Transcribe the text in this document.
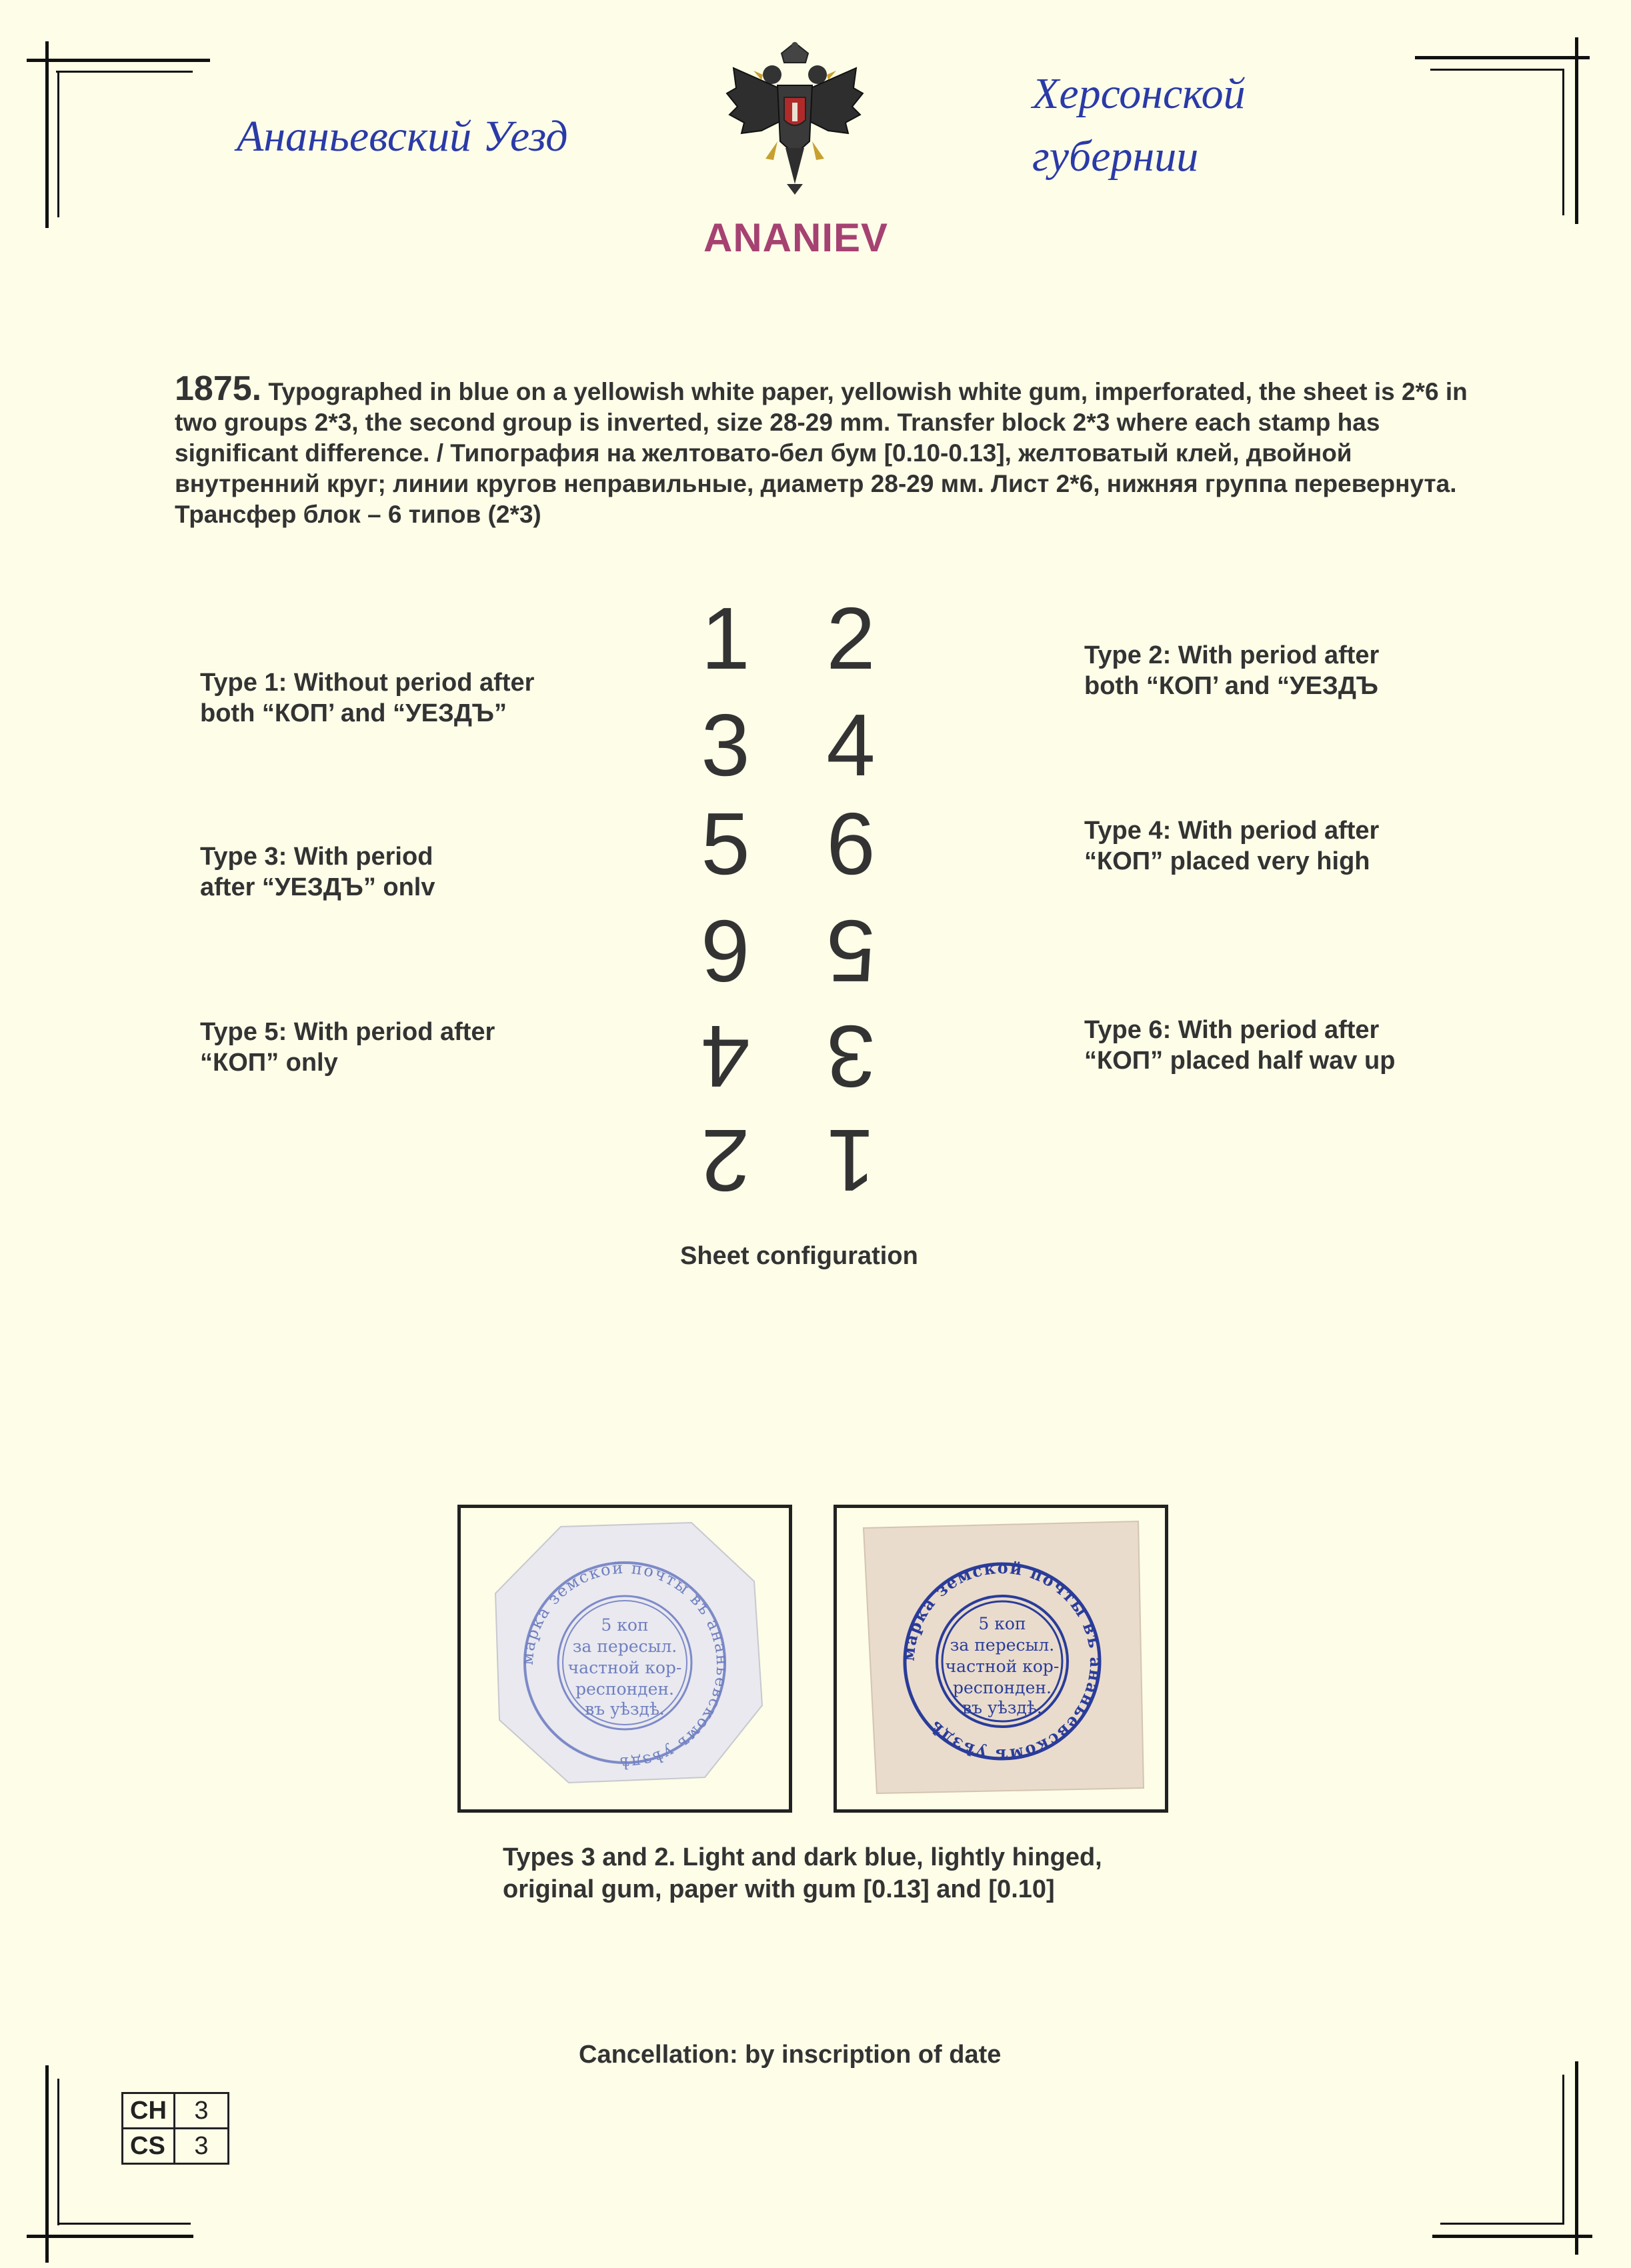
Ананьевский Уезд
Херсонской
губернии
ANANIEV
1875. Typographed in blue on a yellowish white paper, yellowish white gum, imperforated, the sheet is 2*6 in two groups 2*3, the second group is inverted, size 28-29 mm. Transfer block 2*3 where each stamp has significant difference. / Типография на желтовато-бел бум [0.10-0.13], желтоватый клей, двойной внутренний круг; линии кругов неправильные, диаметр 28-29 мм. Лист 2*6, нижняя группа перевернута. Трансфер блок – 6 типов (2*3)
Type 1: Without period after
both “КОП’ and “УЕЗДЪ”
Type 2: With period after
both “КОП’ and “УЕЗДЪ
Type 3: With period
after “УЕЗДЪ” onlv
Type 4: With period after
“КОП” placed very high
Type 5: With period after
“КОП” only
Type 6: With period after
“КОП” placed half wav up
1 2
3 4
5 6
6 5
4 3
2 1
Sheet configuration
марка земской почты въ ананьевскомъ уѣздѣ
5 коп
за пересыл.
частной кор-
респонден.
въ уѣздѣ.
марка земской почты въ ананьевскомъ уѣздѣ
5 коп
за пересыл.
частной кор-
респонден.
въ уѣздѣ.
Types 3 and 2. Light and dark blue, lightly hinged,
original gum, paper with gum [0.13] and [0.10]
Cancellation: by inscription of date
CH	3
CS	3
